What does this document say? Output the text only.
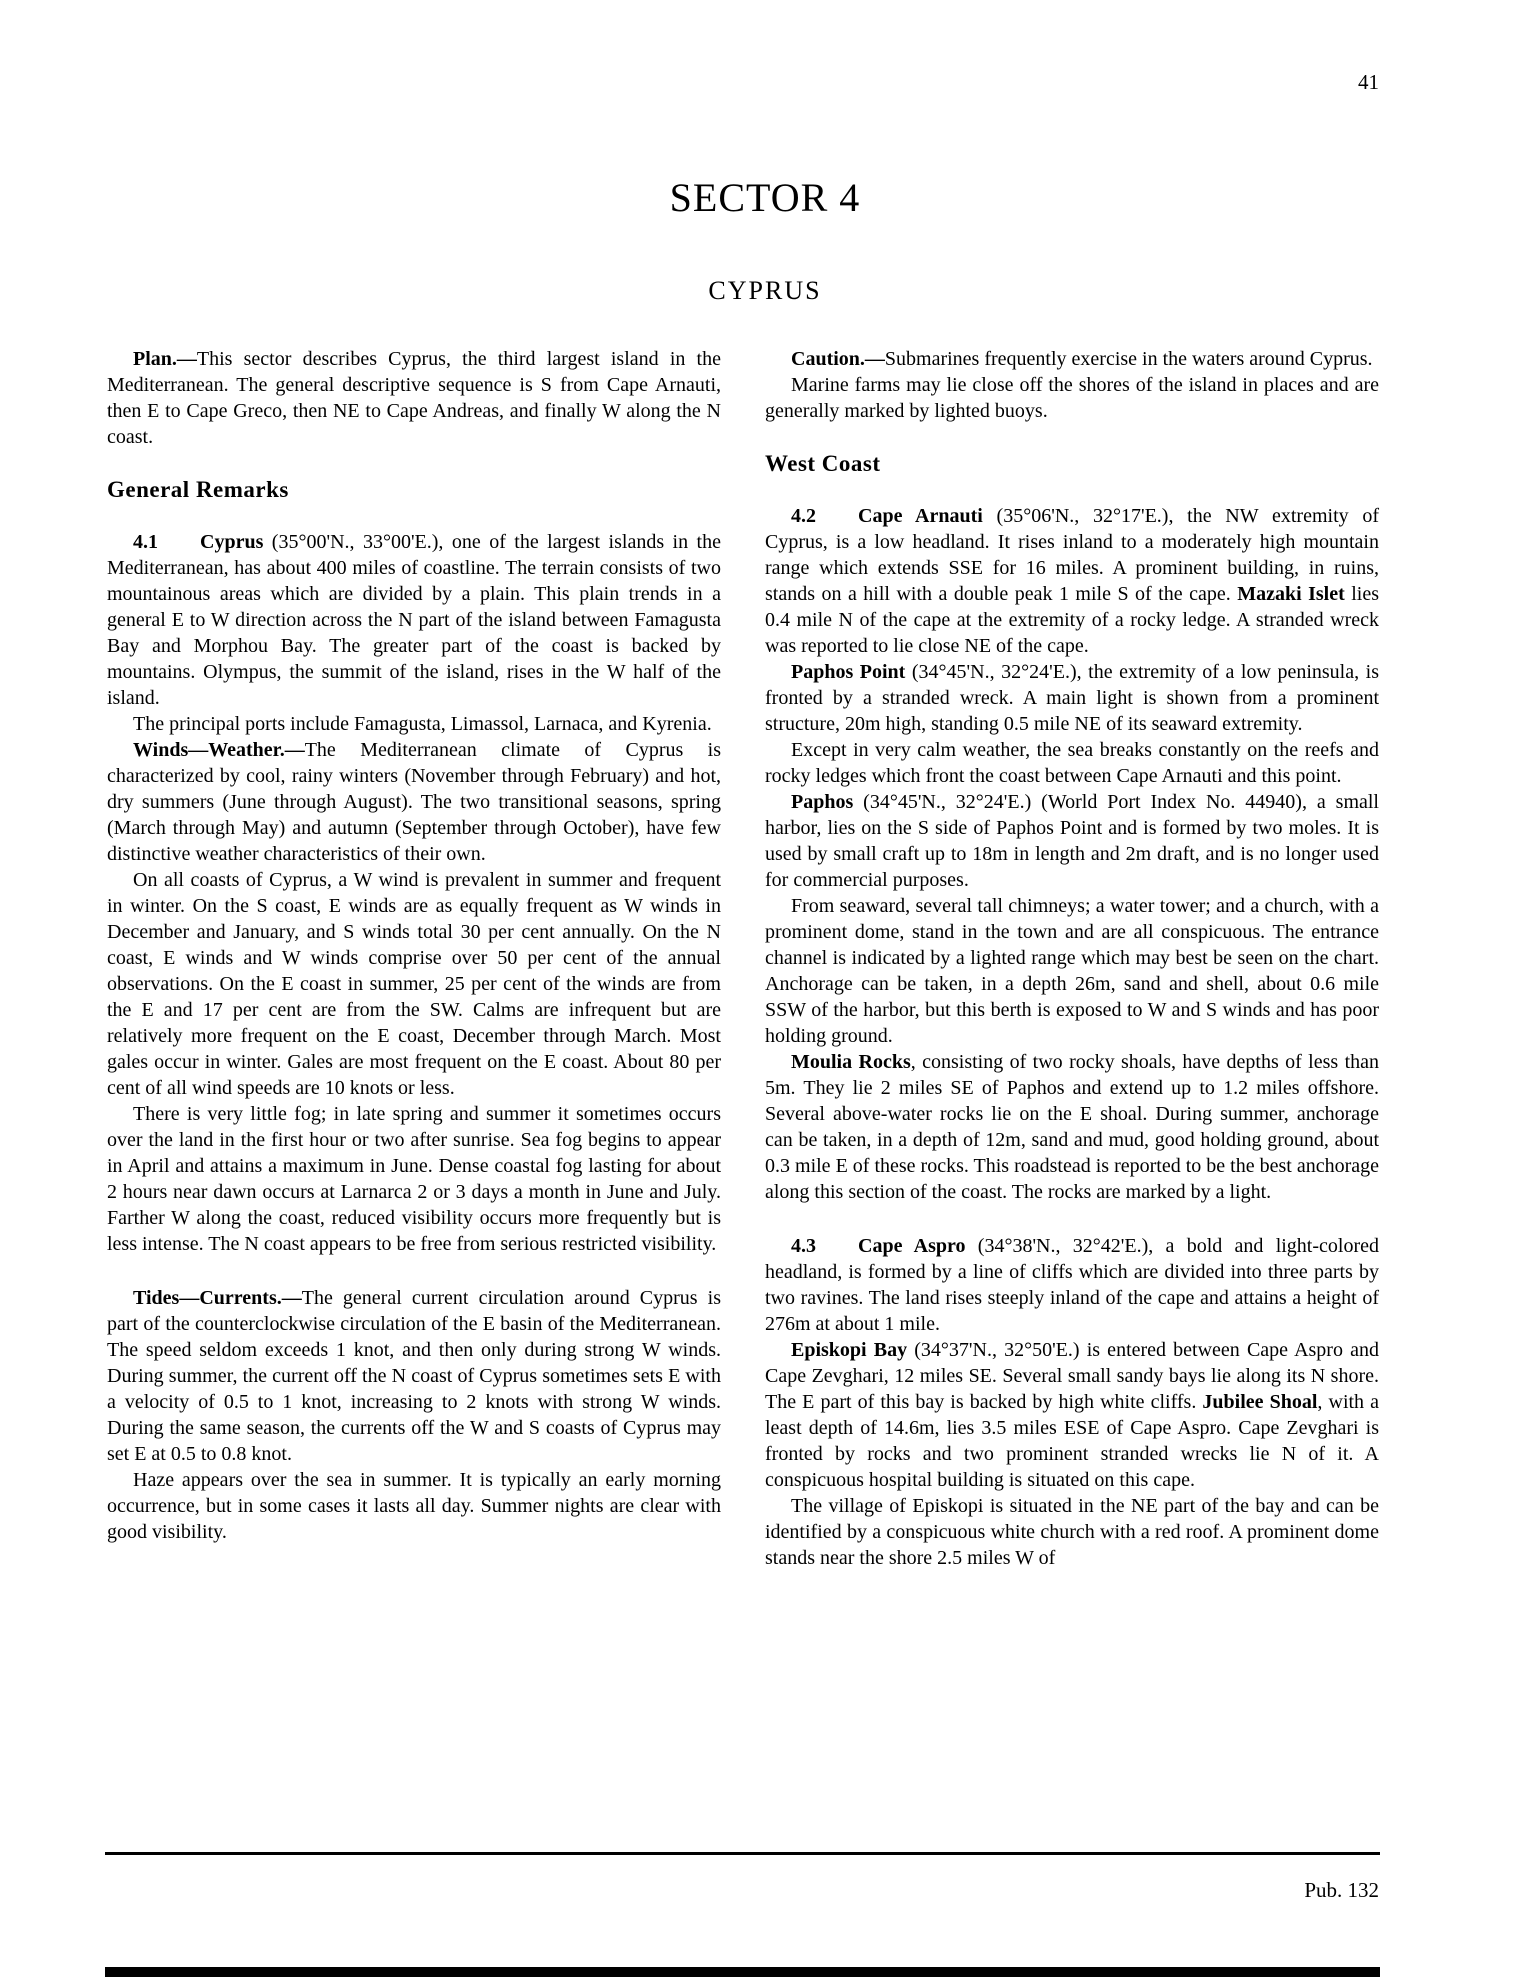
41
SECTOR 4
CYPRUS

Plan.—This sector describes Cyprus, the third largest island in the Mediterranean. The general descriptive sequence is S from Cape Arnauti, then E to Cape Greco, then NE to Cape Andreas, and finally W along the N coast.

General Remarks

4.1 Cyprus (35°00'N., 33°00'E.), one of the largest islands in the Mediterranean, has about 400 miles of coastline. The terrain consists of two mountainous areas which are divided by a plain. This plain trends in a general E to W direction across the N part of the island between Famagusta Bay and Morphou Bay. The greater part of the coast is backed by mountains. Olympus, the summit of the island, rises in the W half of the island.

The principal ports include Famagusta, Limassol, Larnaca, and Kyrenia.

Winds—Weather.—The Mediterranean climate of Cyprus is characterized by cool, rainy winters (November through February) and hot, dry summers (June through August). The two transitional seasons, spring (March through May) and autumn (September through October), have few distinctive weather characteristics of their own.

On all coasts of Cyprus, a W wind is prevalent in summer and frequent in winter. On the S coast, E winds are as equally frequent as W winds in December and January, and S winds total 30 per cent annually. On the N coast, E winds and W winds comprise over 50 per cent of the annual observations. On the E coast in summer, 25 per cent of the winds are from the E and 17 per cent are from the SW. Calms are infrequent but are relatively more frequent on the E coast, December through March. Most gales occur in winter. Gales are most frequent on the E coast. About 80 per cent of all wind speeds are 10 knots or less.

There is very little fog; in late spring and summer it sometimes occurs over the land in the first hour or two after sunrise. Sea fog begins to appear in April and attains a maximum in June. Dense coastal fog lasting for about 2 hours near dawn occurs at Larnarca 2 or 3 days a month in June and July. Farther W along the coast, reduced visibility occurs more frequently but is less intense. The N coast appears to be free from serious restricted visibility.

Tides—Currents.—The general current circulation around Cyprus is part of the counterclockwise circulation of the E basin of the Mediterranean. The speed seldom exceeds 1 knot, and then only during strong W winds. During summer, the current off the N coast of Cyprus sometimes sets E with a velocity of 0.5 to 1 knot, increasing to 2 knots with strong W winds. During the same season, the currents off the W and S coasts of Cyprus may set E at 0.5 to 0.8 knot.

Haze appears over the sea in summer. It is typically an early morning occurrence, but in some cases it lasts all day. Summer nights are clear with good visibility.

Caution.—Submarines frequently exercise in the waters around Cyprus.

Marine farms may lie close off the shores of the island in places and are generally marked by lighted buoys.

West Coast

4.2 Cape Arnauti (35°06'N., 32°17'E.), the NW extremity of Cyprus, is a low headland. It rises inland to a moderately high mountain range which extends SSE for 16 miles. A prominent building, in ruins, stands on a hill with a double peak 1 mile S of the cape. Mazaki Islet lies 0.4 mile N of the cape at the extremity of a rocky ledge. A stranded wreck was reported to lie close NE of the cape.

Paphos Point (34°45'N., 32°24'E.), the extremity of a low peninsula, is fronted by a stranded wreck. A main light is shown from a prominent structure, 20m high, standing 0.5 mile NE of its seaward extremity.

Except in very calm weather, the sea breaks constantly on the reefs and rocky ledges which front the coast between Cape Arnauti and this point.

Paphos (34°45'N., 32°24'E.) (World Port Index No. 44940), a small harbor, lies on the S side of Paphos Point and is formed by two moles. It is used by small craft up to 18m in length and 2m draft, and is no longer used for commercial purposes.

From seaward, several tall chimneys; a water tower; and a church, with a prominent dome, stand in the town and are all conspicuous. The entrance channel is indicated by a lighted range which may best be seen on the chart. Anchorage can be taken, in a depth 26m, sand and shell, about 0.6 mile SSW of the harbor, but this berth is exposed to W and S winds and has poor holding ground.

Moulia Rocks, consisting of two rocky shoals, have depths of less than 5m. They lie 2 miles SE of Paphos and extend up to 1.2 miles offshore. Several above-water rocks lie on the E shoal. During summer, anchorage can be taken, in a depth of 12m, sand and mud, good holding ground, about 0.3 mile E of these rocks. This roadstead is reported to be the best anchorage along this section of the coast. The rocks are marked by a light.

4.3 Cape Aspro (34°38'N., 32°42'E.), a bold and light-colored headland, is formed by a line of cliffs which are divided into three parts by two ravines. The land rises steeply inland of the cape and attains a height of 276m at about 1 mile.

Episkopi Bay (34°37'N., 32°50'E.) is entered between Cape Aspro and Cape Zevghari, 12 miles SE. Several small sandy bays lie along its N shore. The E part of this bay is backed by high white cliffs. Jubilee Shoal, with a least depth of 14.6m, lies 3.5 miles ESE of Cape Aspro. Cape Zevghari is fronted by rocks and two prominent stranded wrecks lie N of it. A conspicuous hospital building is situated on this cape.

The village of Episkopi is situated in the NE part of the bay and can be identified by a conspicuous white church with a red roof. A prominent dome stands near the shore 2.5 miles W of

Pub. 132
